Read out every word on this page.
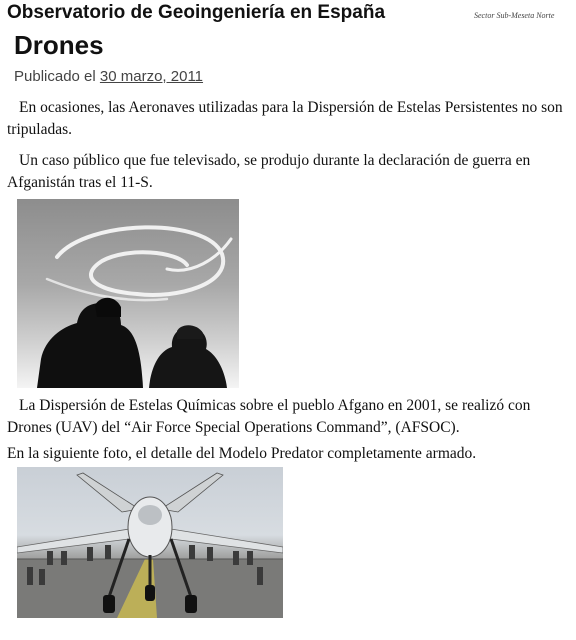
Observatorio de Geoingeniería en España	Sector Sub-Meseta Norte
Drones
Publicado el 30 marzo, 2011

En ocasiones, las Aeronaves utilizadas para la Dispersión de Estelas Persistentes no son tripuladas.

Un caso público que fue televisado, se produjo durante la declaración de guerra en Afganistán tras el 11-S.

La Dispersión de Estelas Químicas sobre el pueblo Afgano en 2001, se realizó con Drones (UAV) del “Air Force Special Operations Command”, (AFSOC).

En la siguiente foto, el detalle del Modelo Predator completamente armado.
